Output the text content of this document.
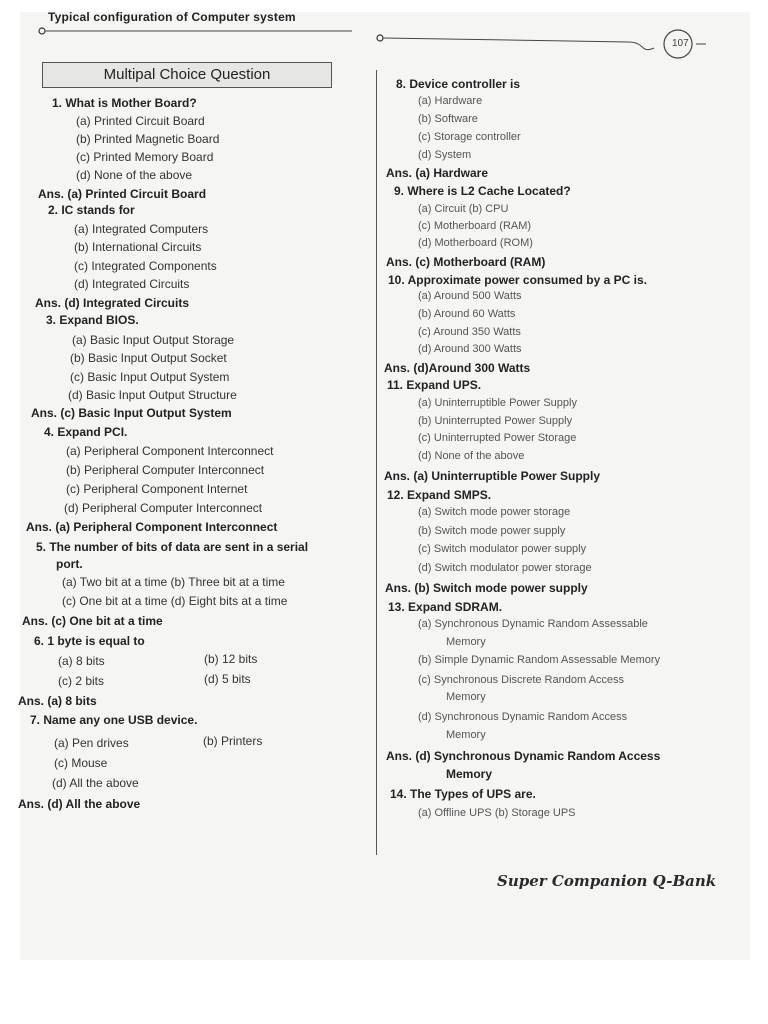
Typical configuration of Computer system
107
Multipal Choice Question
1. What is Mother Board?
(a) Printed Circuit Board
(b) Printed Magnetic Board
(c) Printed Memory Board
(d) None of the above
Ans. (a) Printed Circuit Board
2. IC stands for
(a) Integrated Computers
(b) International Circuits
(c) Integrated Components
(d) Integrated Circuits
Ans. (d) Integrated Circuits
3. Expand BIOS.
(a) Basic Input Output Storage
(b) Basic Input Output Socket
(c) Basic Input Output System
(d) Basic Input Output Structure
Ans. (c) Basic Input Output System
4. Expand PCI.
(a) Peripheral Component Interconnect
(b) Peripheral Computer Interconnect
(c) Peripheral Component Internet
(d) Peripheral Computer Interconnect
Ans. (a) Peripheral Component Interconnect
5. The number of bits of data are sent in a serial
port.
(a) Two bit at a time (b) Three bit at a time
(c) One bit at a time (d) Eight bits at a time
Ans. (c) One bit at a time
6. 1 byte is equal to
(a) 8 bits	(b) 12 bits
(c) 2 bits	(d) 5 bits
Ans. (a) 8 bits
7. Name any one USB device.
(a) Pen drives	(b) Printers
(c) Mouse
(d) All the above
Ans. (d) All the above
8. Device controller is
(a) Hardware
(b) Software
(c) Storage controller
(d) System
Ans. (a) Hardware
9. Where is L2 Cache Located?
(a) Circuit (b) CPU
(c) Motherboard (RAM)
(d) Motherboard (ROM)
Ans. (c) Motherboard (RAM)
10. Approximate power consumed by a PC is.
(a) Around 500 Watts
(b) Around 60 Watts
(c) Around 350 Watts
(d) Around 300 Watts
Ans. (d)Around 300 Watts
11. Expand UPS.
(a) Uninterruptible Power Supply
(b) Uninterrupted Power Supply
(c) Uninterrupted Power Storage
(d) None of the above
Ans. (a) Uninterruptible Power Supply
12. Expand SMPS.
(a) Switch mode power storage
(b) Switch mode power supply
(c) Switch modulator power supply
(d) Switch modulator power storage
Ans. (b) Switch mode power supply
13. Expand SDRAM.
(a) Synchronous Dynamic Random Assessable
Memory
(b) Simple Dynamic Random Assessable Memory
(c) Synchronous Discrete Random Access
Memory
(d) Synchronous Dynamic Random Access
Memory
Ans. (d) Synchronous Dynamic Random Access
Memory
14. The Types of UPS are.
(a) Offline UPS (b) Storage UPS
Super Companion Q-Bank
